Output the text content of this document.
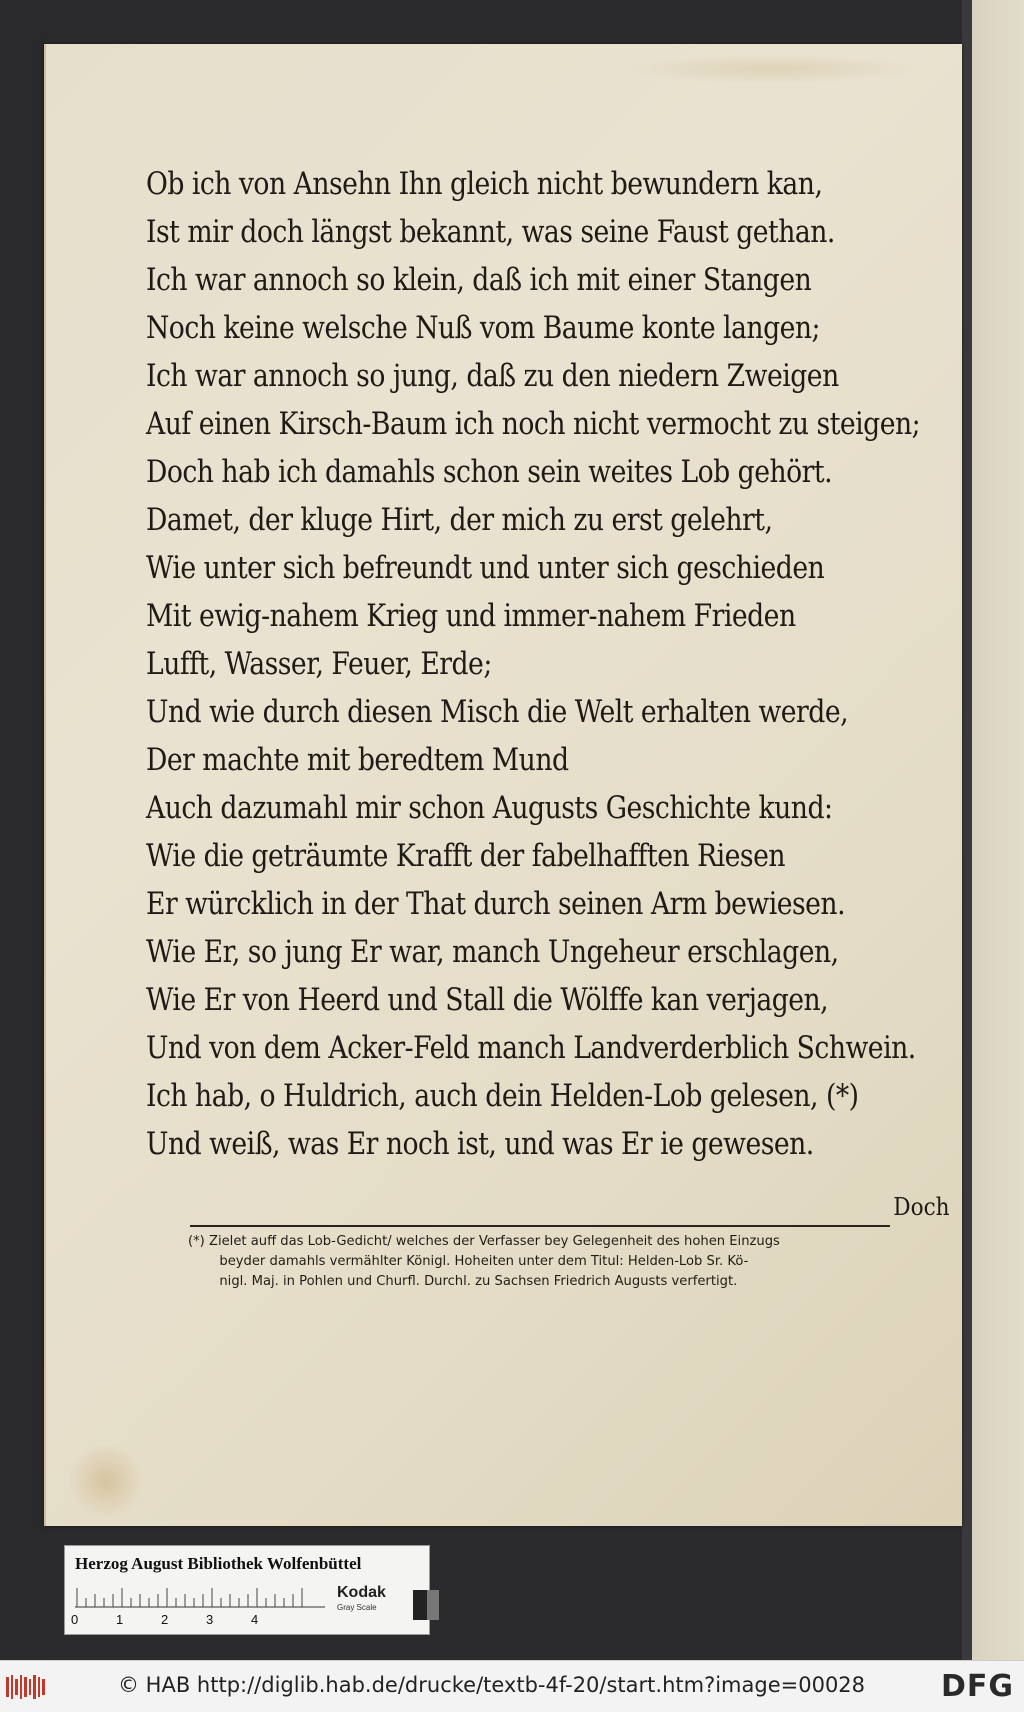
Ob ich von Ansehn Ihn gleich nicht bewundern kan,
Ist mir doch längst bekannt, was seine Faust gethan.
Ich war annoch so klein, daß ich mit einer Stangen
Noch keine welsche Nuß vom Baume konte langen;
Ich war annoch so jung, daß zu den niedern Zweigen
Auf einen Kirsch-Baum ich noch nicht vermocht zu steigen;
Doch hab ich damahls schon sein weites Lob gehört.
Damet, der kluge Hirt, der mich zu erst gelehrt,
Wie unter sich befreundt und unter sich geschieden
Mit ewig-nahem Krieg und immer-nahem Frieden
Lufft, Wasser, Feuer, Erde;
Und wie durch diesen Misch die Welt erhalten werde,
Der machte mit beredtem Mund
Auch dazumahl mir schon Augusts Geschichte kund:
Wie die geträumte Krafft der fabelhafften Riesen
Er würcklich in der That durch seinen Arm bewiesen.
Wie Er, so jung Er war, manch Ungeheur erschlagen,
Wie Er von Heerd und Stall die Wölffe kan verjagen,
Und von dem Acker-Feld manch Landverderblich Schwein.
Ich hab, o Huldrich, auch dein Helden-Lob gelesen, (*)
Und weiß, was Er noch ist, und was Er ie gewesen.
Doch
(*) Zielet auff das Lob-Gedicht/ welches der Verfasser bey Gelegenheit des hohen Einzugs
beyder damahls vermählter Königl. Hoheiten unter dem Titul: Helden-Lob Sr. Kö-
nigl. Maj. in Pohlen und Churfl. Durchl. zu Sachsen Friedrich Augusts verfertigt.
Herzog August Bibliothek Wolfenbüttel
0	1	2	3	4
Kodak
Gray Scale
© HAB http://diglib.hab.de/drucke/textb-4f-20/start.htm?image=00028	DFG
